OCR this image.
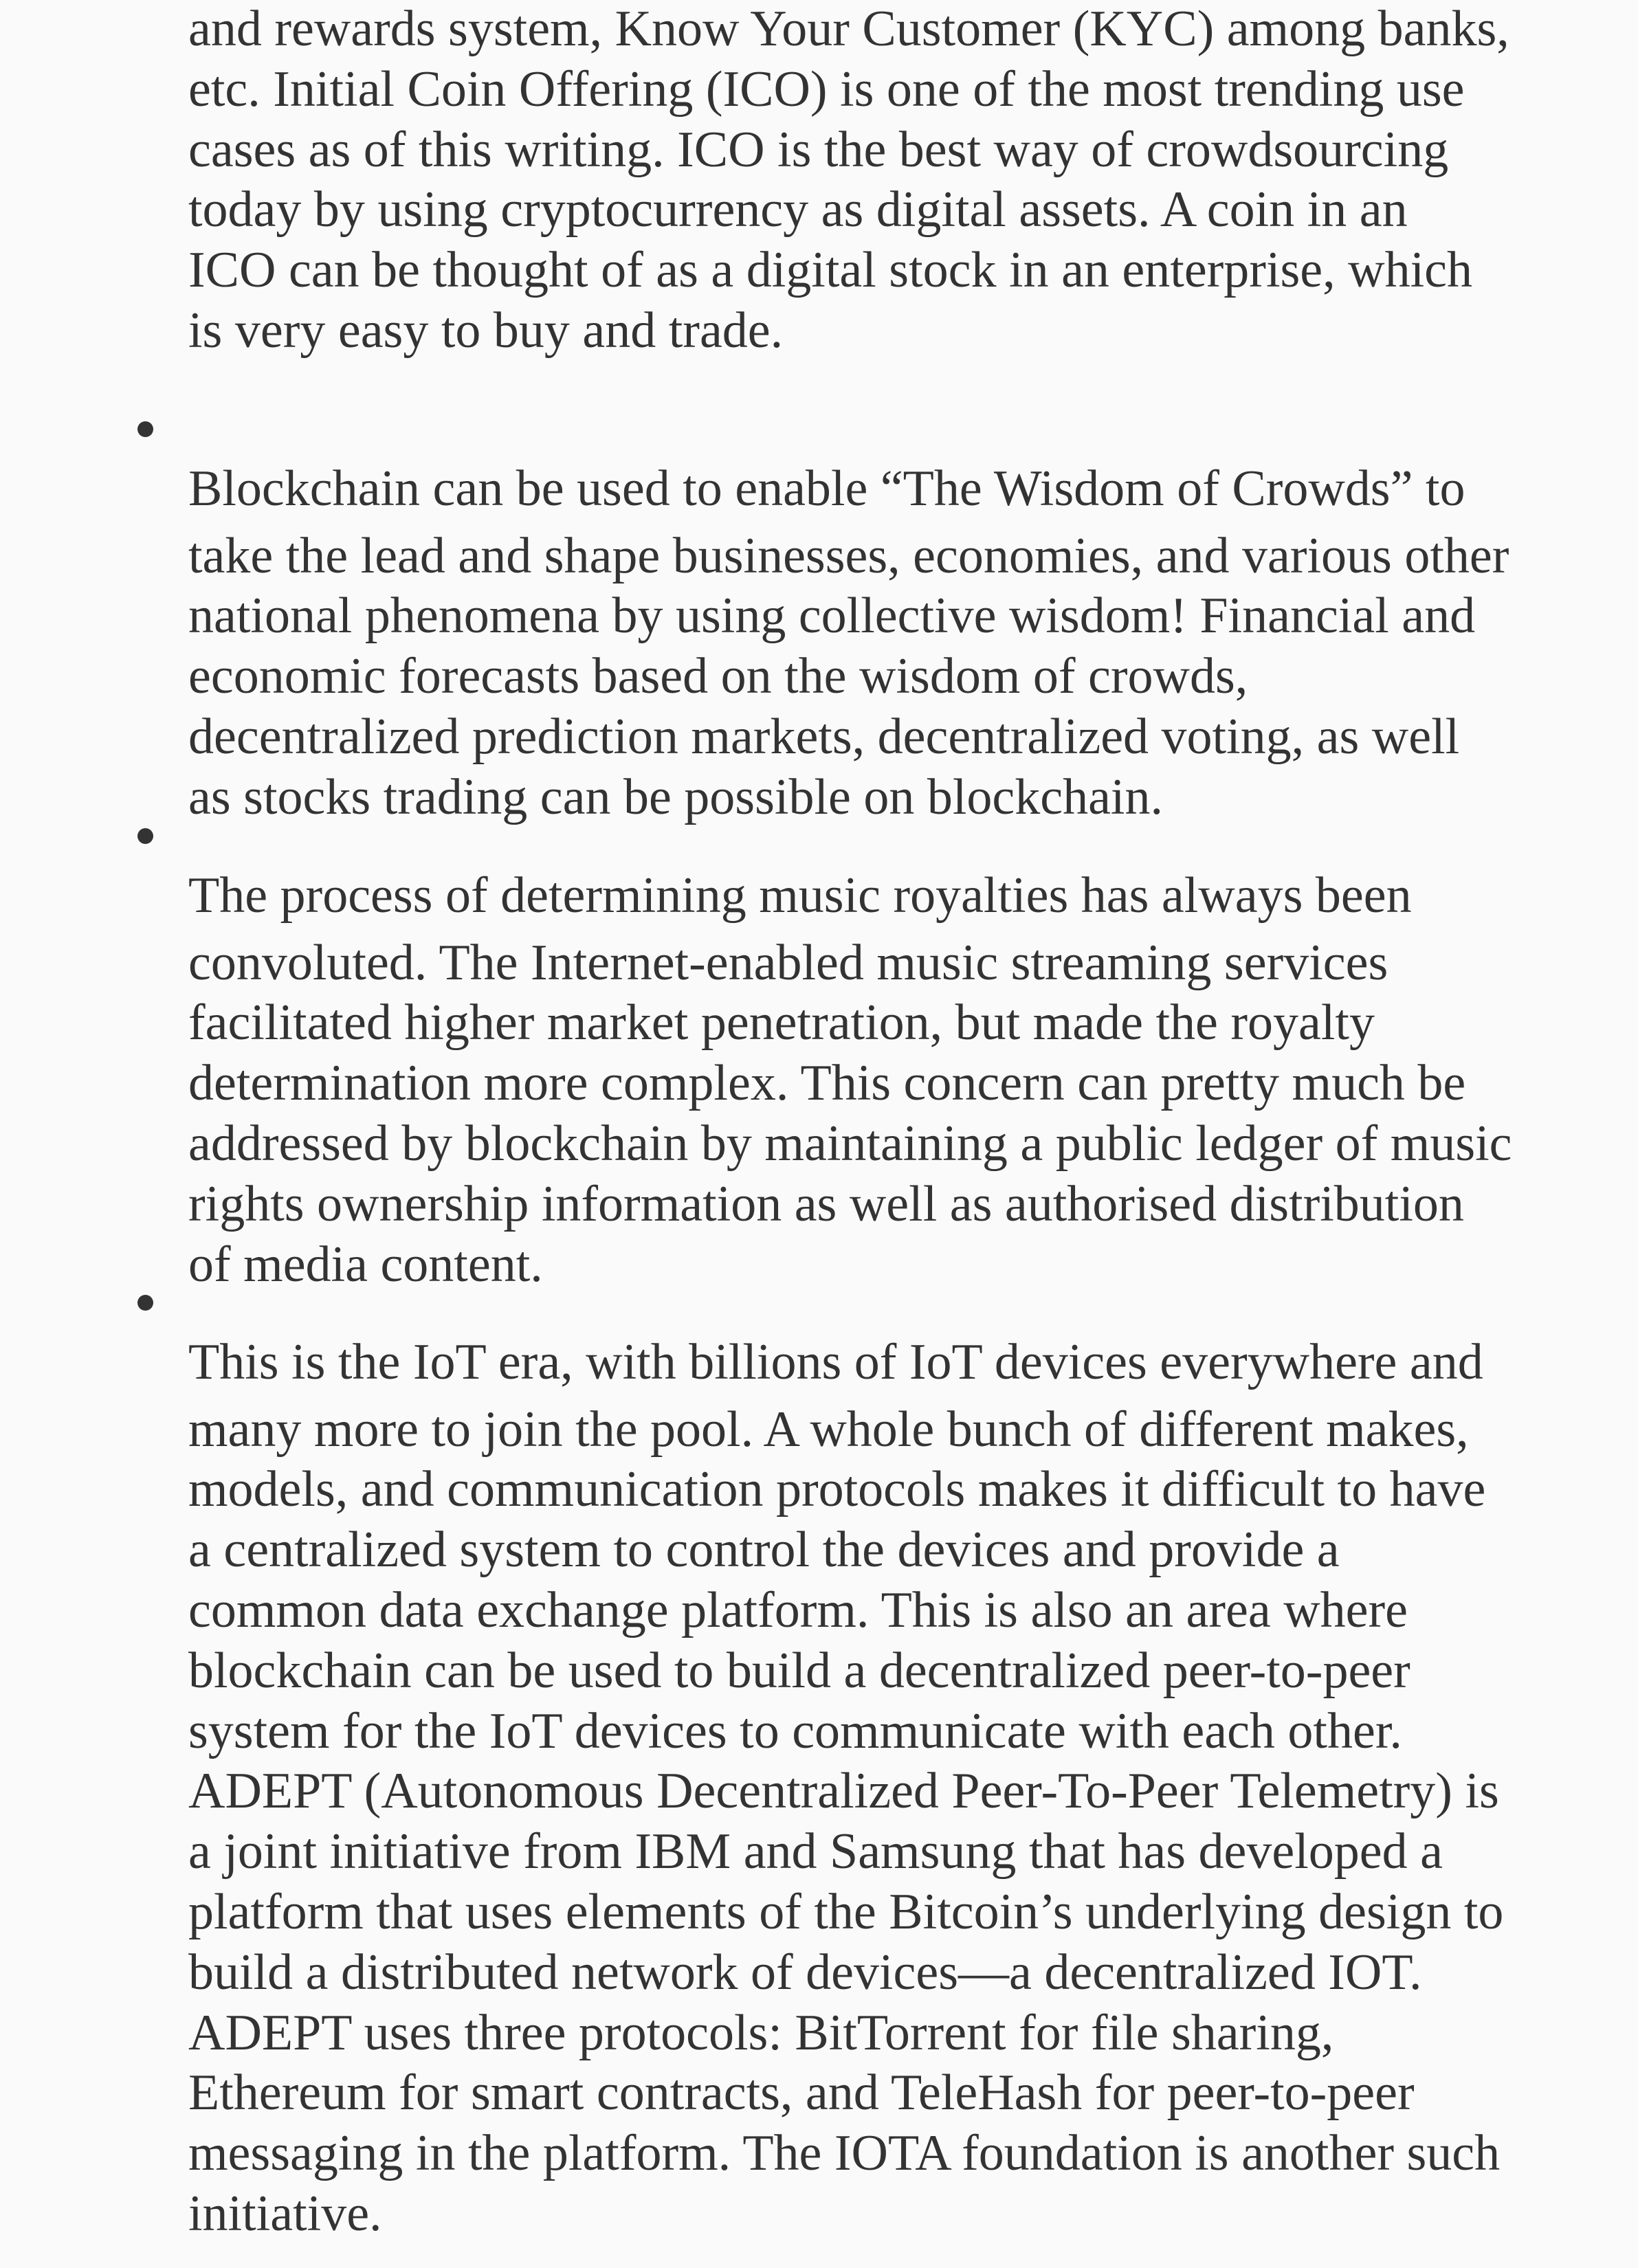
and rewards system, Know Your Customer (KYC) among banks,
etc. Initial Coin Offering (ICO) is one of the most trending use
cases as of this writing. ICO is the best way of crowdsourcing
today by using cryptocurrency as digital assets. A coin in an
ICO can be thought of as a digital stock in an enterprise, which
is very easy to buy and trade.

Blockchain can be used to enable “The Wisdom of Crowds” to
take the lead and shape businesses, economies, and various other
national phenomena by using collective wisdom! Financial and
economic forecasts based on the wisdom of crowds,
decentralized prediction markets, decentralized voting, as well
as stocks trading can be possible on blockchain.

The process of determining music royalties has always been
convoluted. The Internet-enabled music streaming services
facilitated higher market penetration, but made the royalty
determination more complex. This concern can pretty much be
addressed by blockchain by maintaining a public ledger of music
rights ownership information as well as authorised distribution
of media content.

This is the IoT era, with billions of IoT devices everywhere and
many more to join the pool. A whole bunch of different makes,
models, and communication protocols makes it difficult to have
a centralized system to control the devices and provide a
common data exchange platform. This is also an area where
blockchain can be used to build a decentralized peer-to-peer
system for the IoT devices to communicate with each other.
ADEPT (Autonomous Decentralized Peer-To-Peer Telemetry) is
a joint initiative from IBM and Samsung that has developed a
platform that uses elements of the Bitcoin’s underlying design to
build a distributed network of devices—a decentralized IOT.
ADEPT uses three protocols: BitTorrent for file sharing,
Ethereum for smart contracts, and TeleHash for peer-to-peer
messaging in the platform. The IOTA foundation is another such
initiative.
